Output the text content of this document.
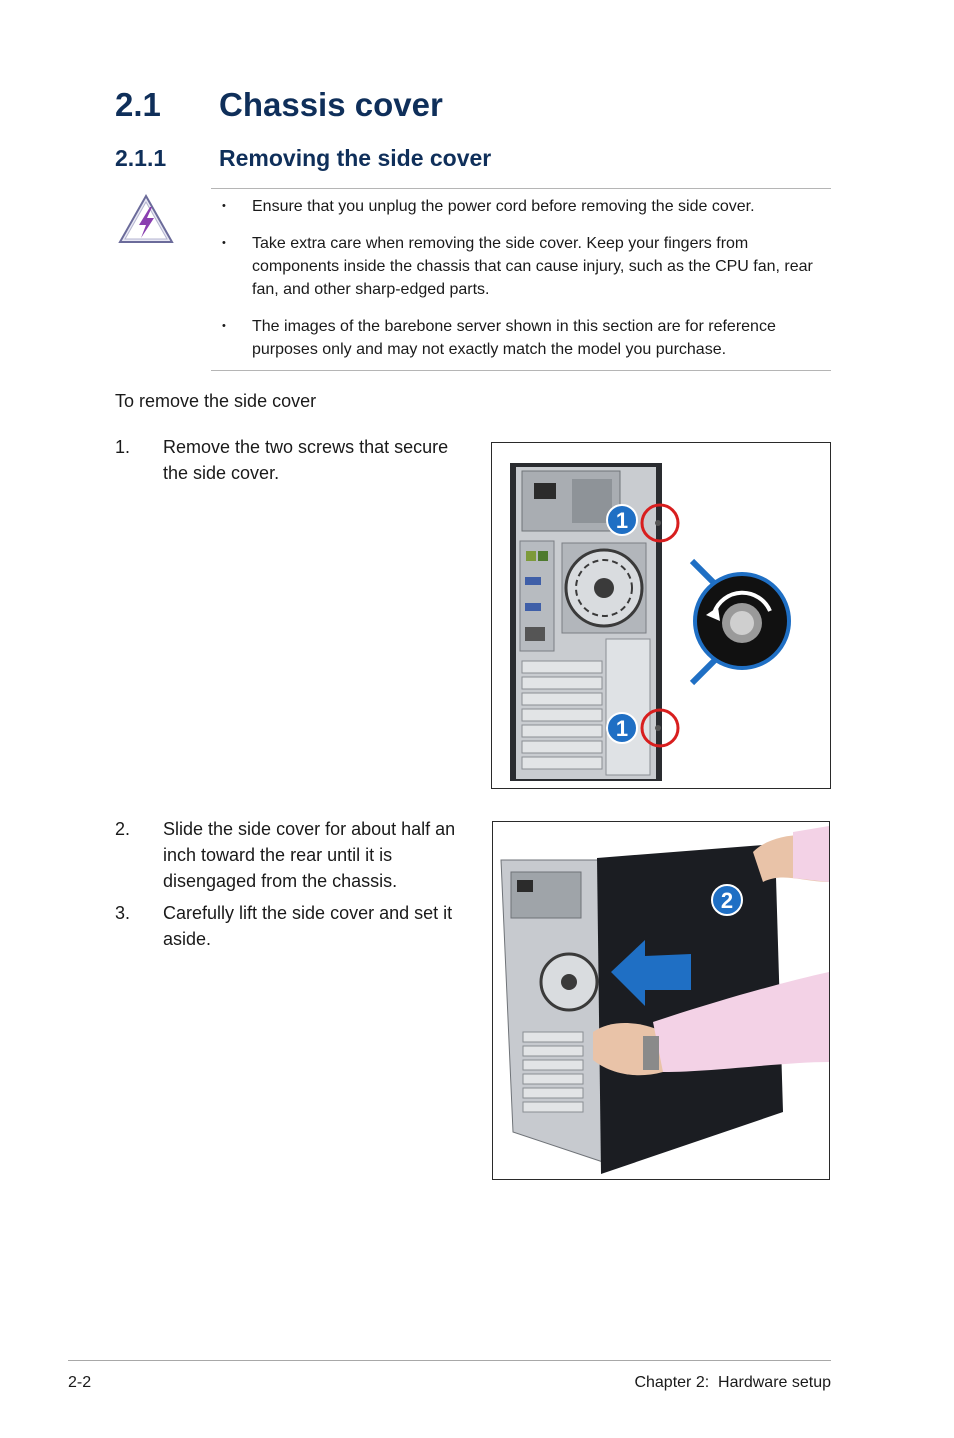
2.1 Chassis cover
2.1.1 Removing the side cover
• Ensure that you unplug the power cord before removing the side cover.
• Take extra care when removing the side cover. Keep your fingers from components inside the chassis that can cause injury, such as the CPU fan, rear fan, and other sharp-edged parts.
• The images of the barebone server shown in this section are for reference purposes only and may not exactly match the model you purchase.
To remove the side cover
1.	Remove the two screws that secure the side cover.
2.	Slide the side cover for about half an inch toward the rear until it is disengaged from the chassis.
3.	Carefully lift the side cover and set it aside.
1
1
2
2-2	Chapter 2:  Hardware setup
